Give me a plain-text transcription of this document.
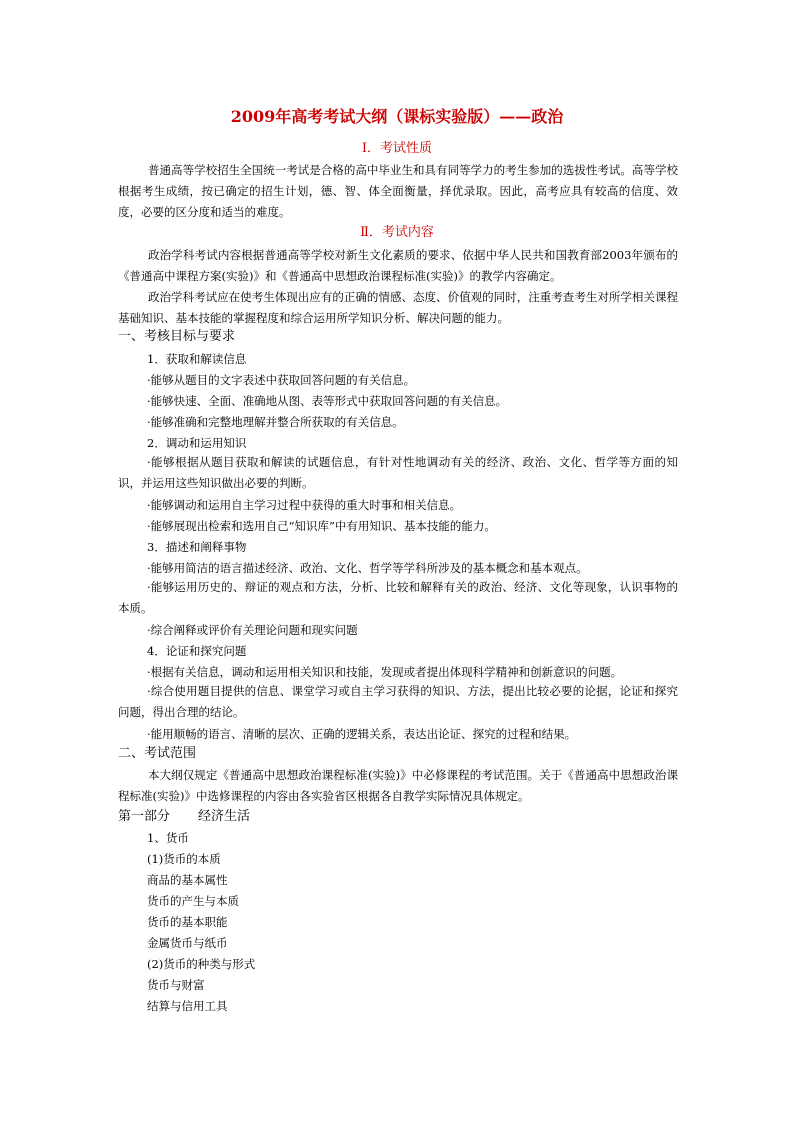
2009年高考考试大纲（课标实验版）——政治
Ⅰ．考试性质

普通高等学校招生全国统一考试是合格的高中毕业生和具有同等学力的考生参加的选拔性考试。高等学校根据考生成绩，按已确定的招生计划，德、智、体全面衡量，择优录取。因此，高考应具有较高的信度、效度，必要的区分度和适当的难度。

Ⅱ．考试内容

政治学科考试内容根据普通高等学校对新生文化素质的要求、依据中华人民共和国教育部2003年颁布的《普通高中课程方案(实验)》和《普通高中思想政治课程标准(实验)》的教学内容确定。

政治学科考试应在使考生体现出应有的正确的情感、态度、价值观的同时，注重考查考生对所学相关课程基础知识、基本技能的掌握程度和综合运用所学知识分析、解决问题的能力。

一、考核目标与要求
1．获取和解读信息
·能够从题目的文字表述中获取回答问题的有关信息。
·能够快速、全面、准确地从图、表等形式中获取回答问题的有关信息。
·能够准确和完整地理解并整合所获取的有关信息。
2．调动和运用知识

·能够根据从题目获取和解读的试题信息，有针对性地调动有关的经济、政治、文化、哲学等方面的知识，并运用这些知识做出必要的判断。

·能够调动和运用自主学习过程中获得的重大时事和相关信息。
·能够展现出检索和选用自己“知识库”中有用知识、基本技能的能力。
3．描述和阐释事物
·能够用简洁的语言描述经济、政治、文化、哲学等学科所涉及的基本概念和基本观点。

·能够运用历史的、辩证的观点和方法，分析、比较和解释有关的政治、经济、文化等现象，认识事物的本质。

·综合阐释或评价有关理论问题和现实问题
4．论证和探究问题
·根据有关信息，调动和运用相关知识和技能，发现或者提出体现科学精神和创新意识的问题。

·综合使用题目提供的信息、课堂学习或自主学习获得的知识、方法，提出比较必要的论据，论证和探究问题，得出合理的结论。

·能用顺畅的语言、清晰的层次、正确的逻辑关系，表达出论证、探究的过程和结果。
二、考试范围

本大纲仅规定《普通高中思想政治课程标准(实验)》中必修课程的考试范围。关于《普通高中思想政治课程标准(实验)》中选修课程的内容由各实验省区根据各自教学实际情况具体规定。

第一部分 经济生活
1、货币
(1)货币的本质
商品的基本属性
货币的产生与本质
货币的基本职能
金属货币与纸币
(2)货币的种类与形式
货币与财富
结算与信用工具
